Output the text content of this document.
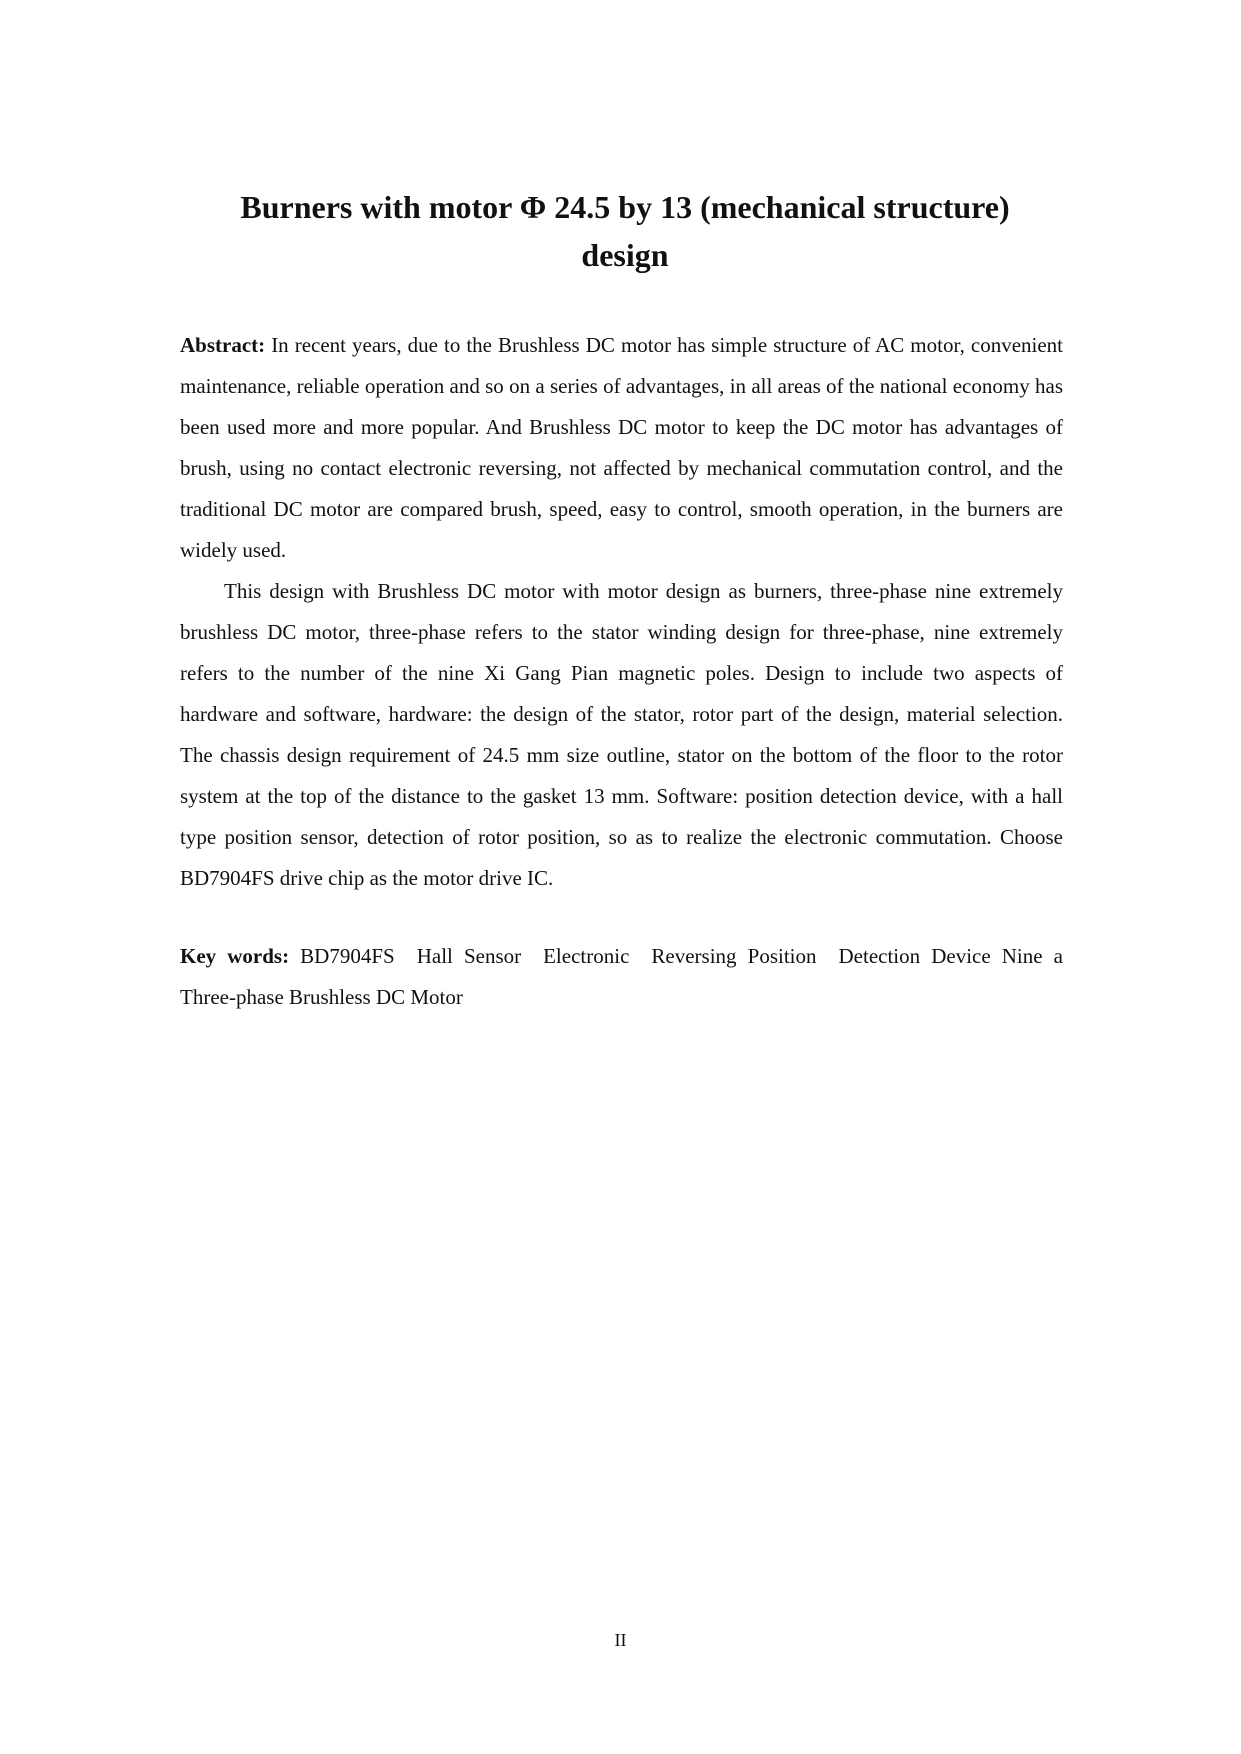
Burners with motor Φ 24.5 by 13 (mechanical structure)
design

Abstract: In recent years, due to the Brushless DC motor has simple structure of AC motor, convenient maintenance, reliable operation and so on a series of advantages, in all areas of the national economy has been used more and more popular. And Brushless DC motor to keep the DC motor has advantages of brush, using no contact electronic reversing, not affected by mechanical commutation control, and the traditional DC motor are compared brush, speed, easy to control, smooth operation, in the burners are widely used.

This design with Brushless DC motor with motor design as burners, three-phase nine extremely brushless DC motor, three-phase refers to the stator winding design for three-phase, nine extremely refers to the number of the nine Xi Gang Pian magnetic poles. Design to include two aspects of hardware and software, hardware: the design of the stator, rotor part of the design, material selection. The chassis design requirement of 24.5 mm size outline, stator on the bottom of the floor to the rotor system at the top of the distance to the gasket 13 mm. Software: position detection device, with a hall type position sensor, detection of rotor position, so as to realize the electronic commutation. Choose BD7904FS drive chip as the motor drive IC.

Key words: BD7904FS Hall Sensor Electronic Reversing Position Detection Device Nine a Three-phase Brushless DC Motor

II
